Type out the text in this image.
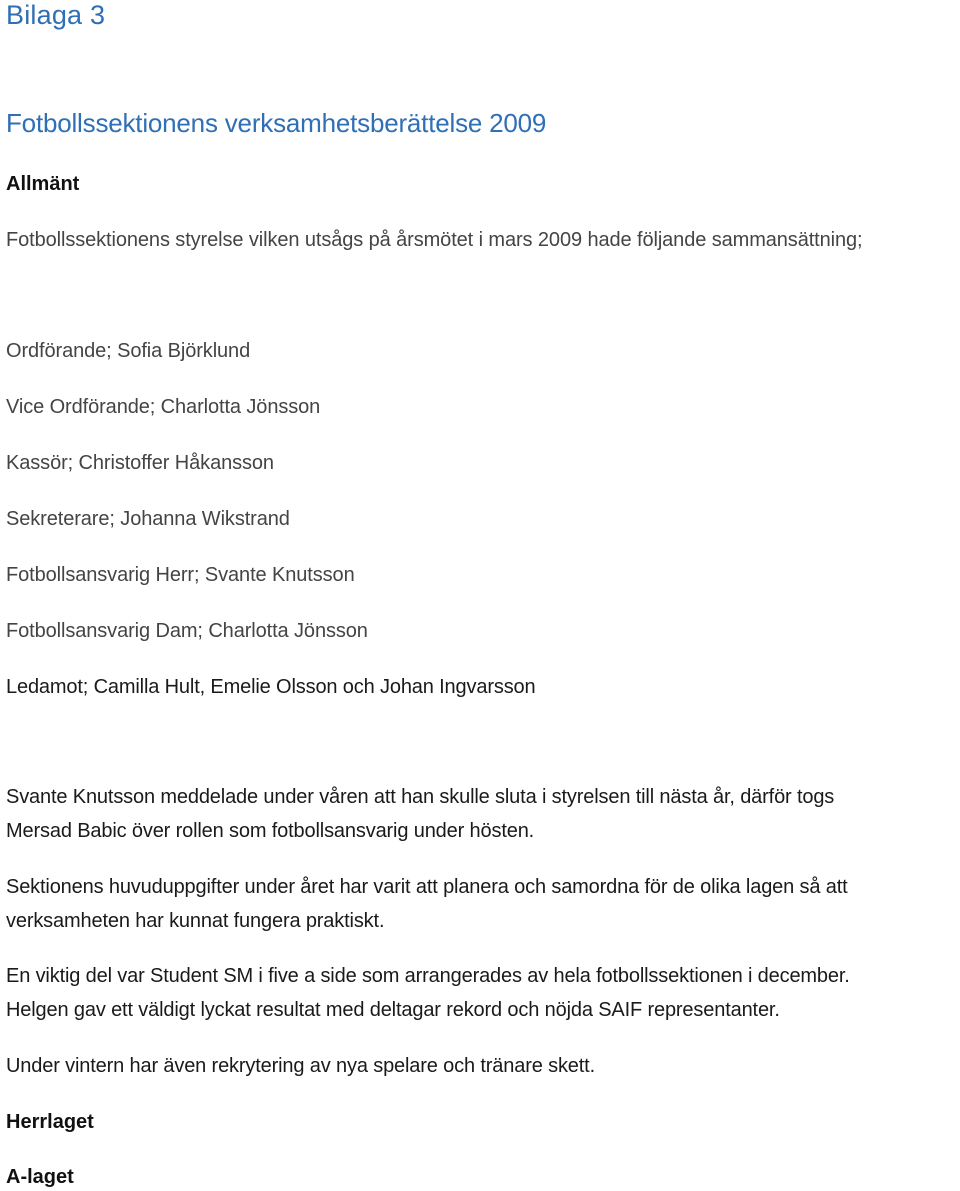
Bilaga 3
Fotbollssektionens verksamhetsberättelse 2009
Allmänt
Fotbollssektionens styrelse vilken utsågs på årsmötet i mars 2009 hade följande sammansättning;
Ordförande; Sofia Björklund
Vice Ordförande; Charlotta Jönsson
Kassör; Christoffer Håkansson
Sekreterare; Johanna Wikstrand
Fotbollsansvarig Herr; Svante Knutsson
Fotbollsansvarig Dam; Charlotta Jönsson
Ledamot; Camilla Hult, Emelie Olsson och Johan Ingvarsson
Svante Knutsson meddelade under våren att han skulle sluta i styrelsen till nästa år, därför togs
Mersad Babic över rollen som fotbollsansvarig under hösten.
Sektionens huvuduppgifter under året har varit att planera och samordna för de olika lagen så att
verksamheten har kunnat fungera praktiskt.
En viktig del var Student SM i five a side som arrangerades av hela fotbollssektionen i december.
Helgen gav ett väldigt lyckat resultat med deltagar rekord och nöjda SAIF representanter.
Under vintern har även rekrytering av nya spelare och tränare skett.
Herrlaget
A-laget
